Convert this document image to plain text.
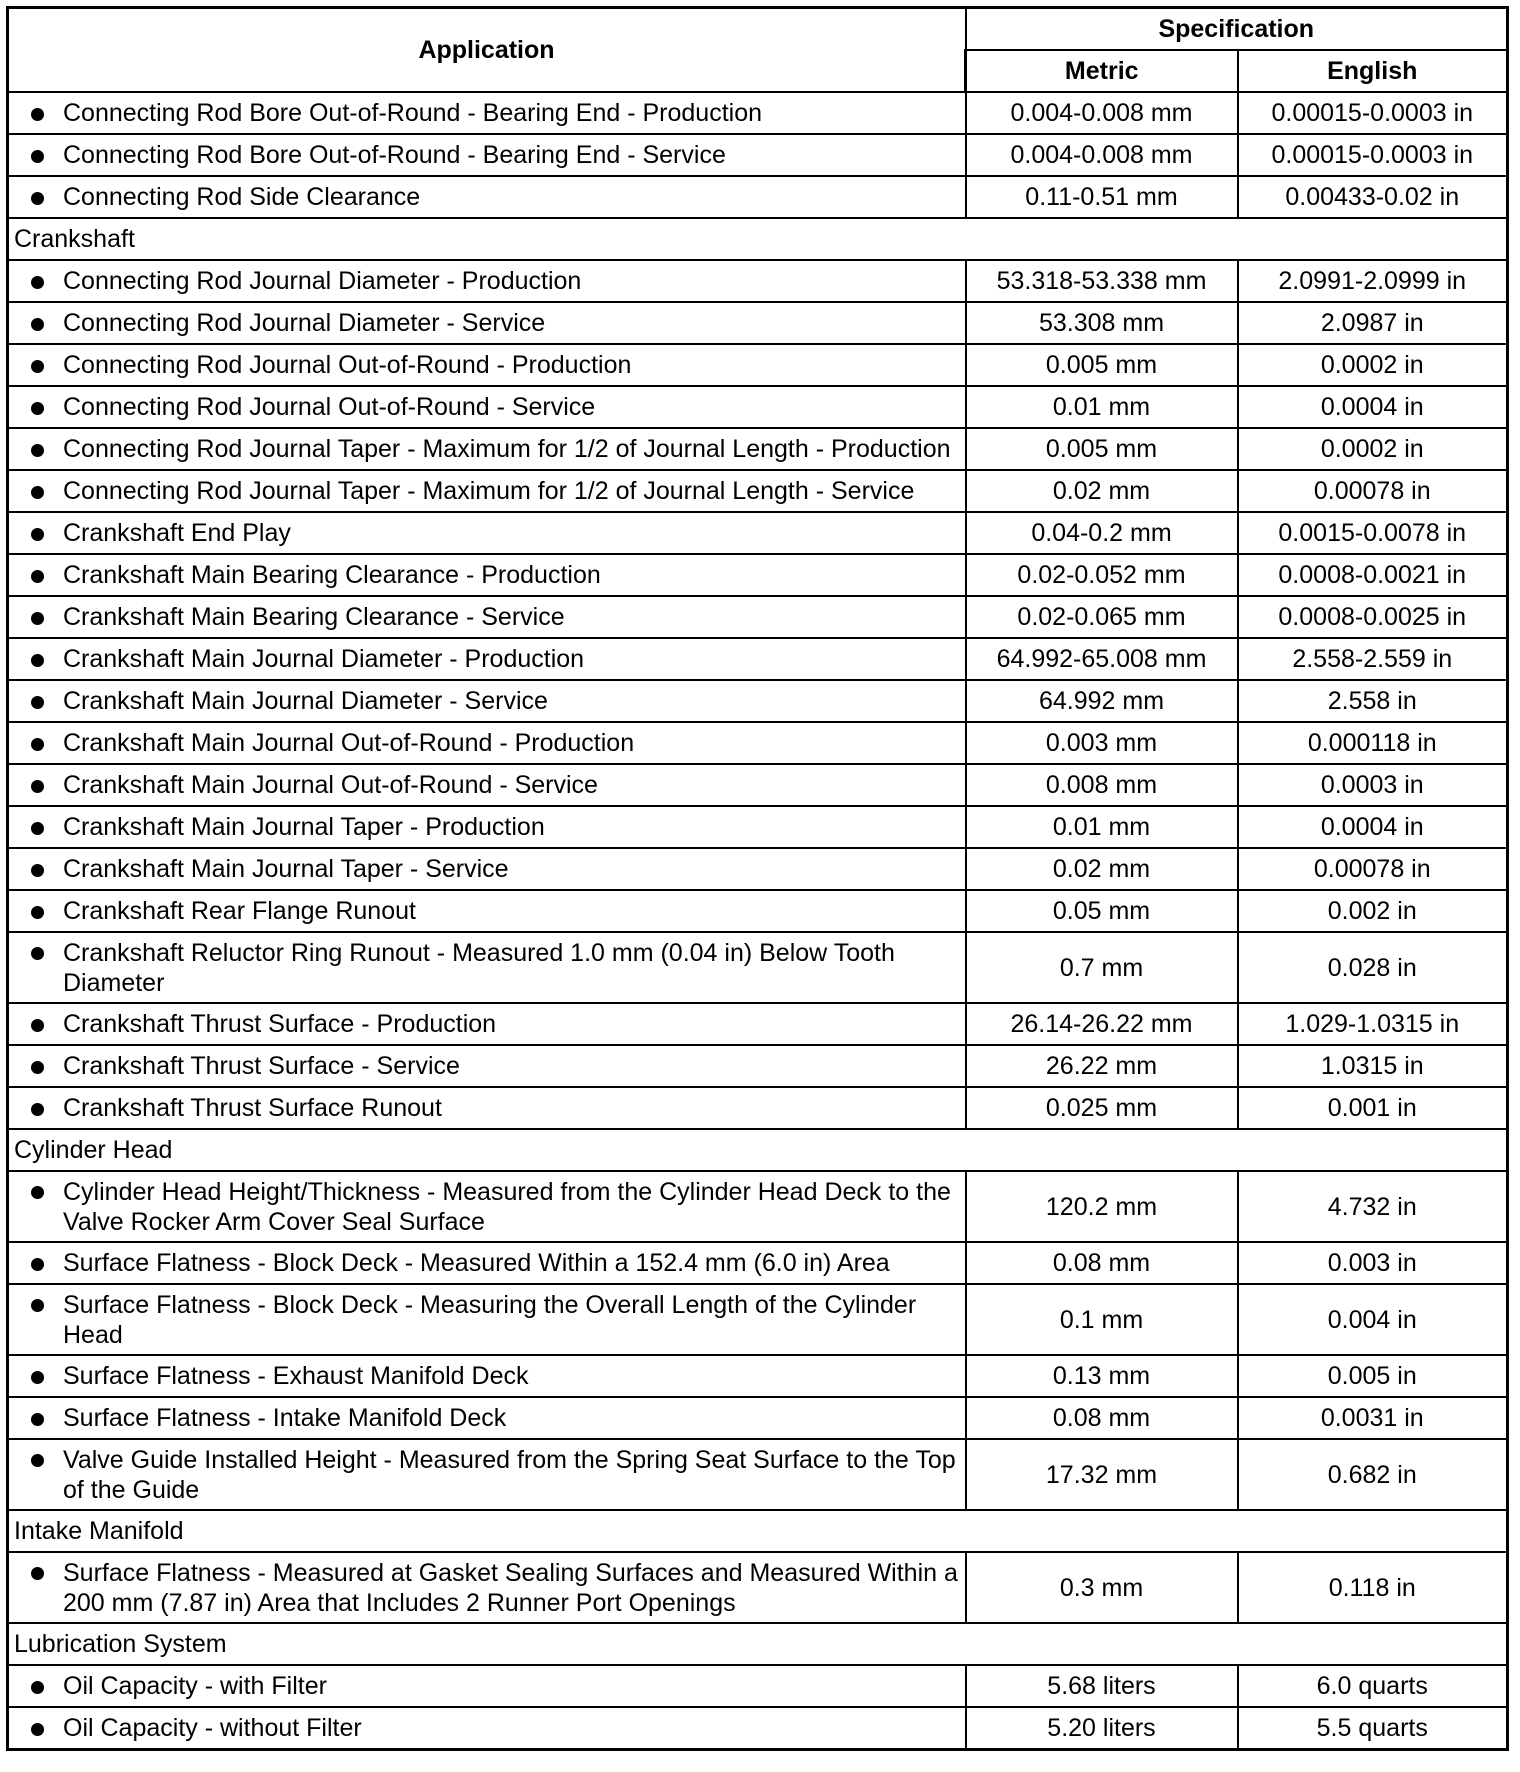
Application	Specification	
	Metric	English

Connecting Rod Bore Out-of-Round - Bearing End - Production	0.004-0.008 mm	0.00015-0.0003 in

Connecting Rod Bore Out-of-Round - Bearing End - Service	0.004-0.008 mm	0.00015-0.0003 in

Connecting Rod Side Clearance	0.11-0.51 mm	0.00433-0.02 in
Crankshaft		

Connecting Rod Journal Diameter - Production	53.318-53.338 mm	2.0991-2.0999 in

Connecting Rod Journal Diameter - Service	53.308 mm	2.0987 in

Connecting Rod Journal Out-of-Round - Production	0.005 mm	0.0002 in

Connecting Rod Journal Out-of-Round - Service	0.01 mm	0.0004 in

Connecting Rod Journal Taper - Maximum for 1/2 of Journal Length - Production	0.005 mm	0.0002 in

Connecting Rod Journal Taper - Maximum for 1/2 of Journal Length - Service	0.02 mm	0.00078 in

Crankshaft End Play	0.04-0.2 mm	0.0015-0.0078 in

Crankshaft Main Bearing Clearance - Production	0.02-0.052 mm	0.0008-0.0021 in

Crankshaft Main Bearing Clearance - Service	0.02-0.065 mm	0.0008-0.0025 in

Crankshaft Main Journal Diameter - Production	64.992-65.008 mm	2.558-2.559 in

Crankshaft Main Journal Diameter - Service	64.992 mm	2.558 in

Crankshaft Main Journal Out-of-Round - Production	0.003 mm	0.000118 in

Crankshaft Main Journal Out-of-Round - Service	0.008 mm	0.0003 in

Crankshaft Main Journal Taper - Production	0.01 mm	0.0004 in

Crankshaft Main Journal Taper - Service	0.02 mm	0.00078 in

Crankshaft Rear Flange Runout	0.05 mm	0.002 in

Crankshaft Reluctor Ring Runout - Measured 1.0 mm (0.04 in) Below Tooth Diameter	0.7 mm	0.028 in

Crankshaft Thrust Surface - Production	26.14-26.22 mm	1.029-1.0315 in

Crankshaft Thrust Surface - Service	26.22 mm	1.0315 in

Crankshaft Thrust Surface Runout	0.025 mm	0.001 in
Cylinder Head		

Cylinder Head Height/Thickness - Measured from the Cylinder Head Deck to the Valve Rocker Arm Cover Seal Surface	120.2 mm	4.732 in

Surface Flatness - Block Deck - Measured Within a 152.4 mm (6.0 in) Area	0.08 mm	0.003 in

Surface Flatness - Block Deck - Measuring the Overall Length of the Cylinder Head	0.1 mm	0.004 in

Surface Flatness - Exhaust Manifold Deck	0.13 mm	0.005 in

Surface Flatness - Intake Manifold Deck	0.08 mm	0.0031 in

Valve Guide Installed Height - Measured from the Spring Seat Surface to the Top of the Guide	17.32 mm	0.682 in
Intake Manifold		

Surface Flatness - Measured at Gasket Sealing Surfaces and Measured Within a 200 mm (7.87 in) Area that Includes 2 Runner Port Openings	0.3 mm	0.118 in
Lubrication System		

Oil Capacity - with Filter	5.68 liters	6.0 quarts

Oil Capacity - without Filter	5.20 liters	5.5 quarts
